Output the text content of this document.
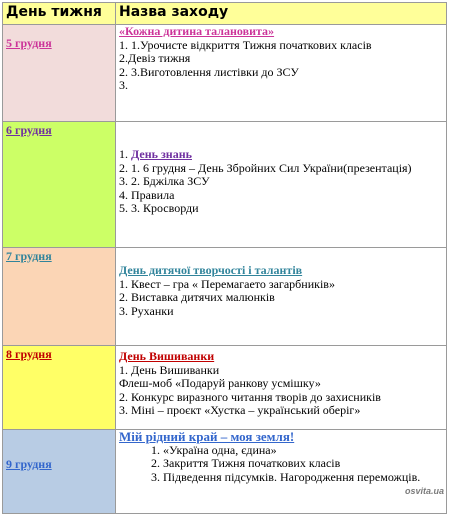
День тижня	Назва заходу

5 грудня	«Кожна дитина талановита»
1. 1.Урочисте відкриття Тижня початкових класів
2.Девіз тижня
2. 3.Виготовлення листівки до ЗСУ
3.

6 грудня	1. День знань
2. 1. 6 грудня – День Збройних Сил України(презентація)
3. 2. Бджілка ЗСУ
4. Правила
5. 3. Кросворди

7 грудня	День дитячої творчості і талантів
1. Квест – гра « Перемагаето загарбників»
2. Виставка дитячих малюнків
3. Руханки

8 грудня	День Вишиванки
1. День Вишиванки
Флеш-моб «Подаруй ранкову усмішку»
2. Конкурс виразного читання творів до захисників
3. Міні – проєкт «Хустка – український оберіг»

9 грудня	Мій рідний край – моя земля!
1. «Україна одна, єдина»
2. Закриття Тижня початкових класів
3. Підведення підсумків. Нагородження переможців.
osvita.ua
